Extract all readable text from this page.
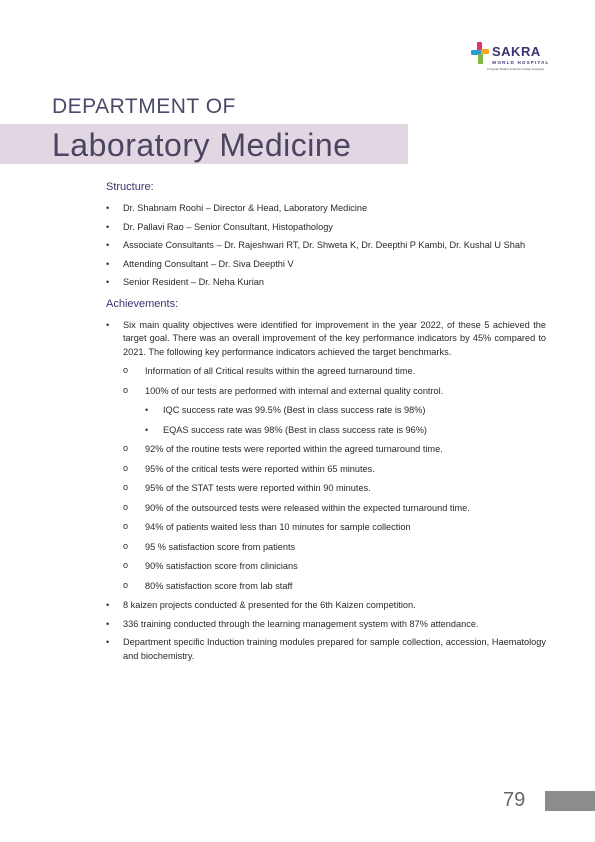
SAKRA
WORLD HOSPITAL
A Toyota Tsusho & Secom Group company
DEPARTMENT OF
Laboratory Medicine
Structure:
• Dr. Shabnam Roohi – Director & Head, Laboratory Medicine
• Dr. Pallavi Rao – Senior Consultant, Histopathology
• Associate Consultants – Dr. Rajeshwari RT, Dr. Shweta K, Dr. Deepthi P Kambi, Dr. Kushal U Shah
• Attending Consultant – Dr. Siva Deepthi V
• Senior Resident – Dr. Neha Kurian
Achievements:
• Six main quality objectives were identified for improvement in the year 2022, of these 5 achieved the target goal. There was an overall improvement of the key performance indicators by 45% compared to 2021. The following key performance indicators achieved the target benchmarks.
o Information of all Critical results within the agreed turnaround time.
o 100% of our tests are performed with internal and external quality control.
• IQC success rate was 99.5% (Best in class success rate is 98%)
• EQAS success rate was 98% (Best in class success rate is 96%)
o 92% of the routine tests were reported within the agreed turnaround time.
o 95% of the critical tests were reported within 65 minutes.
o 95% of the STAT tests were reported within 90 minutes.
o 90% of the outsourced tests were released within the expected turnaround time.
o 94% of patients waited less than 10 minutes for sample collection
o 95 % satisfaction score from patients
o 90% satisfaction score from clinicians
o 80% satisfaction score from lab staff
• 8 kaizen projects conducted & presented for the 6th Kaizen competition.
• 336 training conducted through the learning management system with 87% attendance.
• Department specific Induction training modules prepared for sample collection, accession, Haematology and biochemistry.
79
